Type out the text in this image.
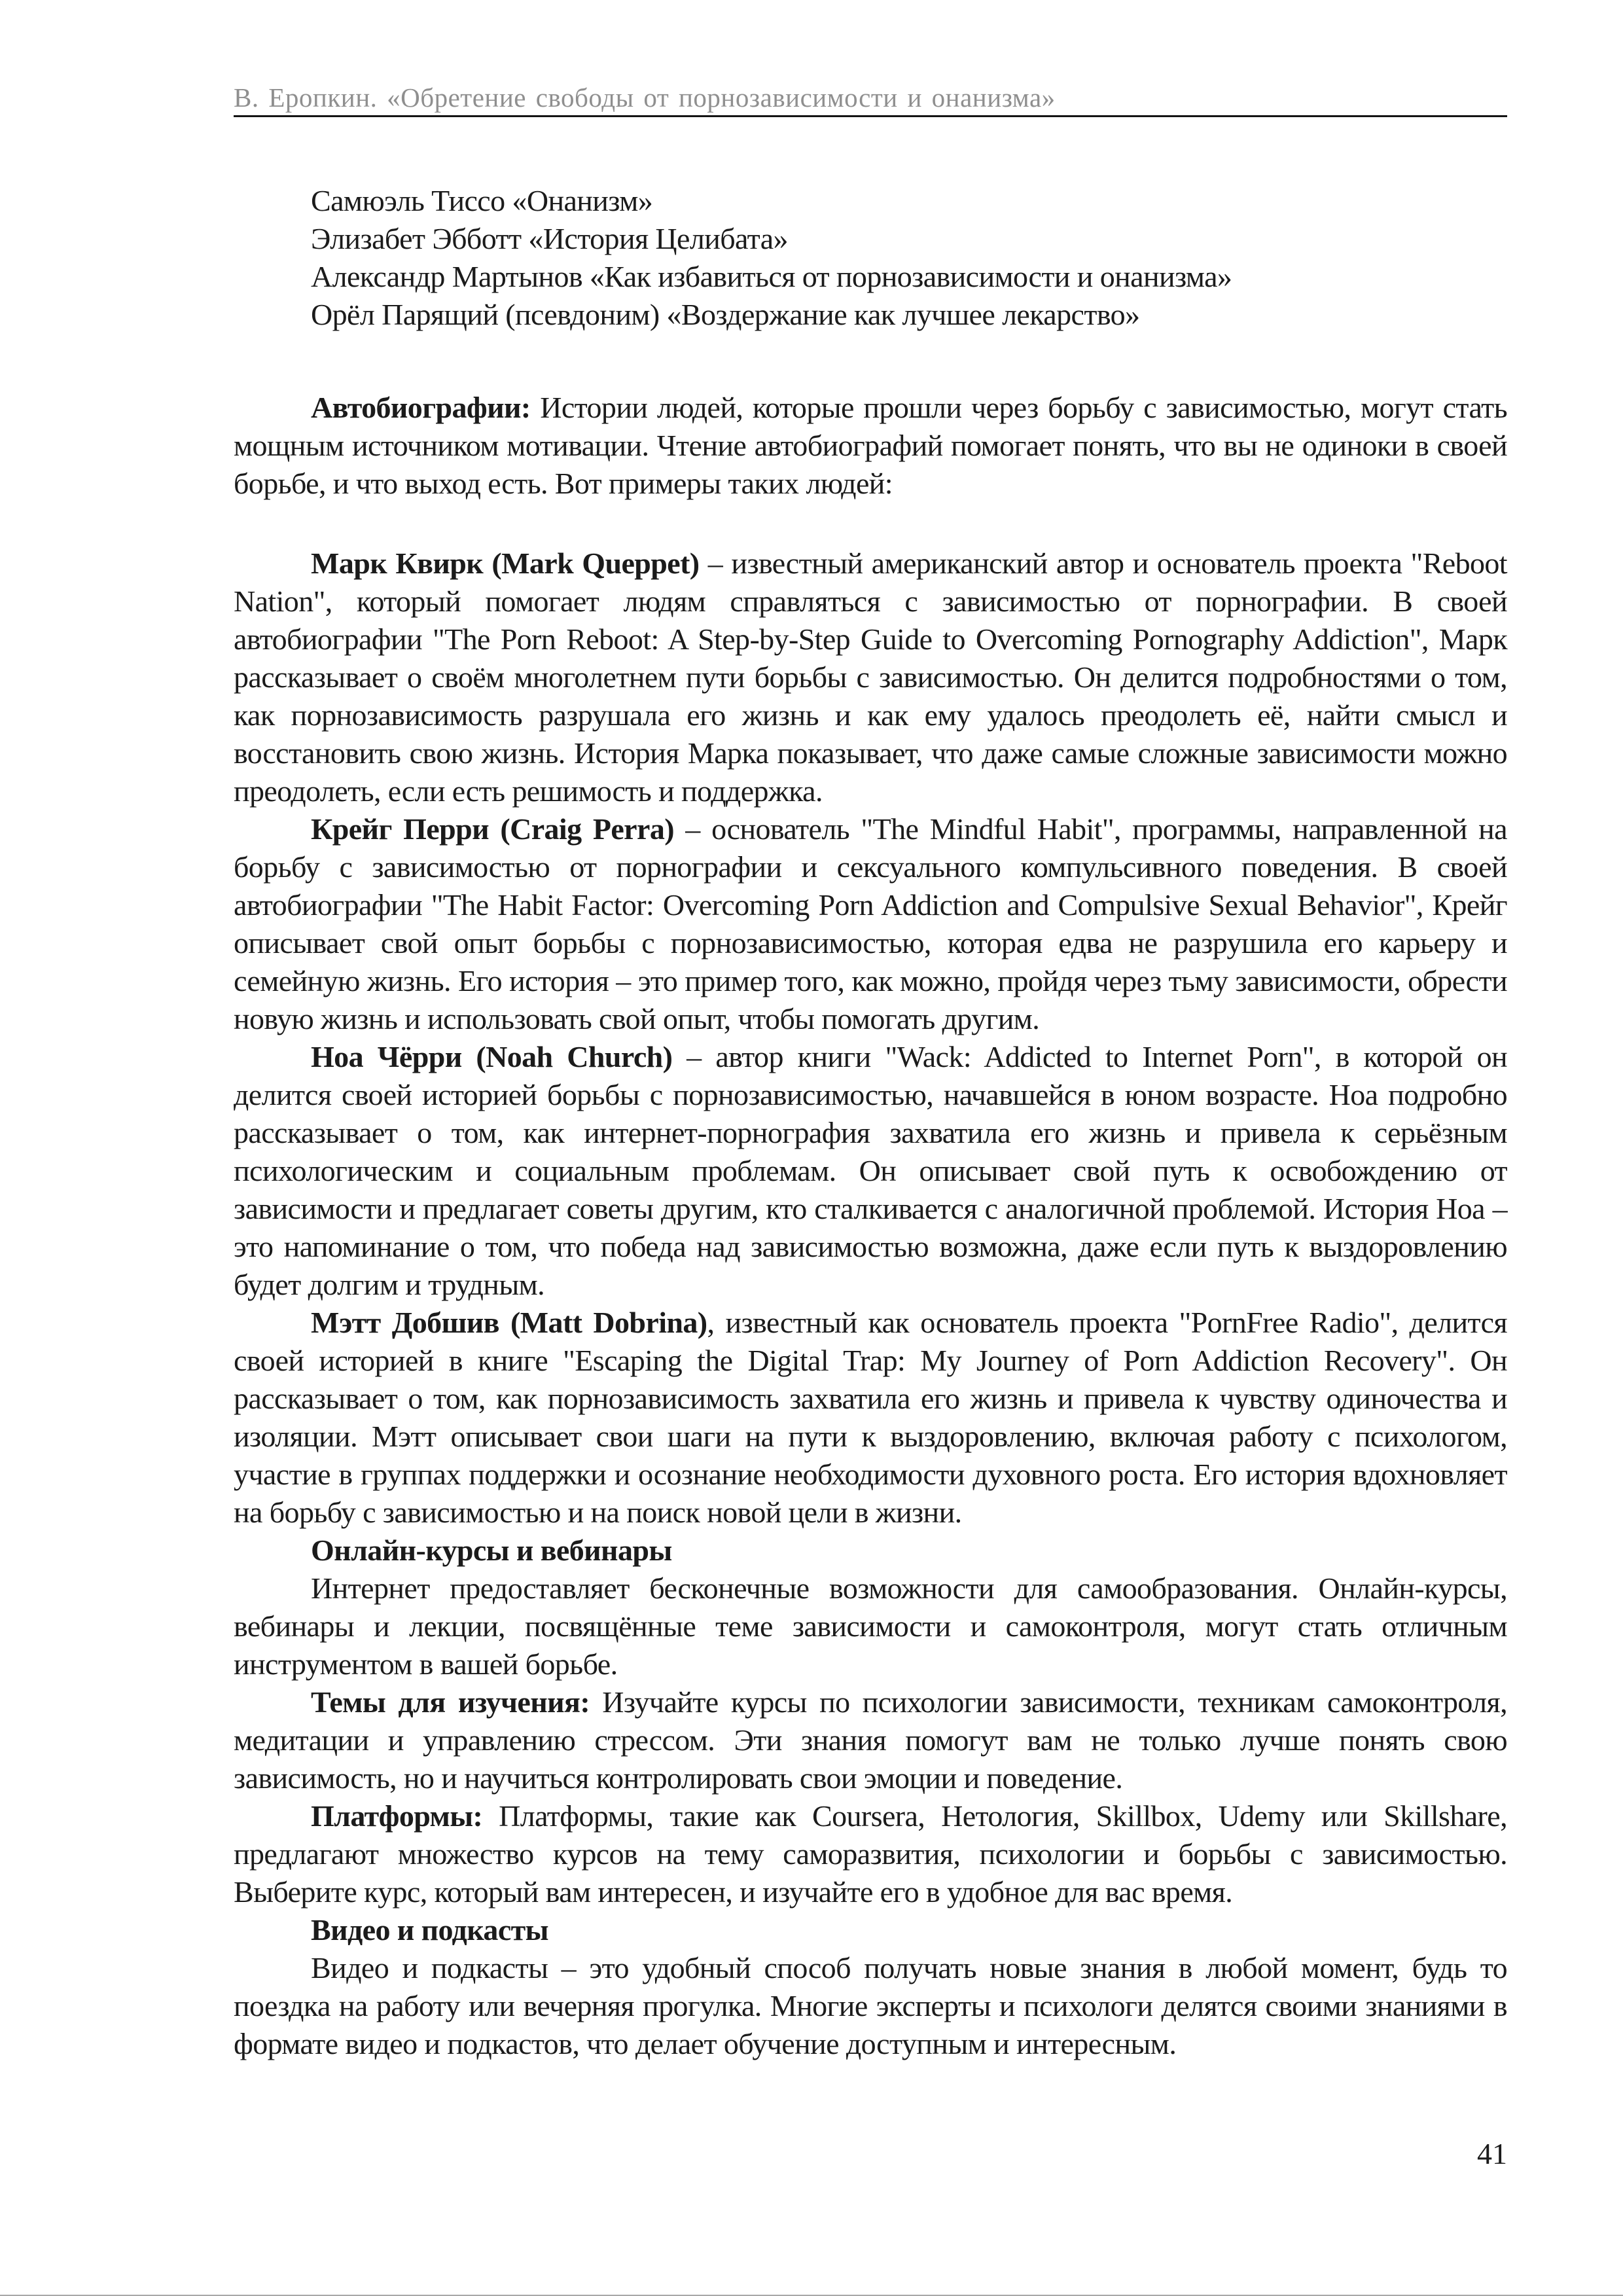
В. Еропкин. «Обретение свободы от порнозависимости и онанизма»
Самюэль Тиссо «Онанизм»
Элизабет Эбботт «История Целибата»
Александр Мартынов «Как избавиться от порнозависимости и онанизма»
Орёл Парящий (псевдоним) «Воздержание как лучшее лекарство»

Автобиографии: Истории людей, которые прошли через борьбу с зависимостью, могут стать мощным источником мотивации. Чтение автобиографий помогает понять, что вы не одиноки в своей борьбе, и что выход есть. Вот примеры таких людей:

Марк Квирк (Mark Queppet) – известный американский автор и основатель проекта "Reboot Nation", который помогает людям справляться с зависимостью от порнографии. В своей автобиографии "The Porn Reboot: A Step-by-Step Guide to Overcoming Pornography Addiction", Марк рассказывает о своём многолетнем пути борьбы с зависимостью. Он делится подробностями о том, как порнозависимость разрушала его жизнь и как ему удалось преодолеть её, найти смысл и восстановить свою жизнь. История Марка показывает, что даже самые сложные зависимости можно преодолеть, если есть решимость и поддержка.

Крейг Перри (Craig Perra) – основатель "The Mindful Habit", программы, направленной на борьбу с зависимостью от порнографии и сексуального компульсивного поведения. В своей автобиографии "The Habit Factor: Overcoming Porn Addiction and Compulsive Sexual Behavior", Крейг описывает свой опыт борьбы с порнозависимостью, которая едва не разрушила его карьеру и семейную жизнь. Его история – это пример того, как можно, пройдя через тьму зависимости, обрести новую жизнь и использовать свой опыт, чтобы помогать другим.

Ноа Чёрри (Noah Church) – автор книги "Wack: Addicted to Internet Porn", в которой он делится своей историей борьбы с порнозависимостью, начавшейся в юном возрасте. Ноа подробно рассказывает о том, как интернет-порнография захватила его жизнь и привела к серьёзным психологическим и социальным проблемам. Он описывает свой путь к освобождению от зависимости и предлагает советы другим, кто сталкивается с аналогичной проблемой. История Ноа – это напоминание о том, что победа над зависимостью возможна, даже если путь к выздоровлению будет долгим и трудным.

Мэтт Добшив (Matt Dobrina), известный как основатель проекта "PornFree Radio", делится своей историей в книге "Escaping the Digital Trap: My Journey of Porn Addiction Recovery". Он рассказывает о том, как порнозависимость захватила его жизнь и привела к чувству одиночества и изоляции. Мэтт описывает свои шаги на пути к выздоровлению, включая работу с психологом, участие в группах поддержки и осознание необходимости духовного роста. Его история вдохновляет на борьбу с зависимостью и на поиск новой цели в жизни.

Онлайн-курсы и вебинары

Интернет предоставляет бесконечные возможности для самообразования. Онлайн-курсы, вебинары и лекции, посвящённые теме зависимости и самоконтроля, могут стать отличным инструментом в вашей борьбе.

Темы для изучения: Изучайте курсы по психологии зависимости, техникам самоконтроля, медитации и управлению стрессом. Эти знания помогут вам не только лучше понять свою зависимость, но и научиться контролировать свои эмоции и поведение.

Платформы: Платформы, такие как Coursera, Нетология, Skillbox, Udemy или Skillshare, предлагают множество курсов на тему саморазвития, психологии и борьбы с зависимостью. Выберите курс, который вам интересен, и изучайте его в удобное для вас время.

Видео и подкасты

Видео и подкасты – это удобный способ получать новые знания в любой момент, будь то поездка на работу или вечерняя прогулка. Многие эксперты и психологи делятся своими знаниями в формате видео и подкастов, что делает обучение доступным и интересным.

41
